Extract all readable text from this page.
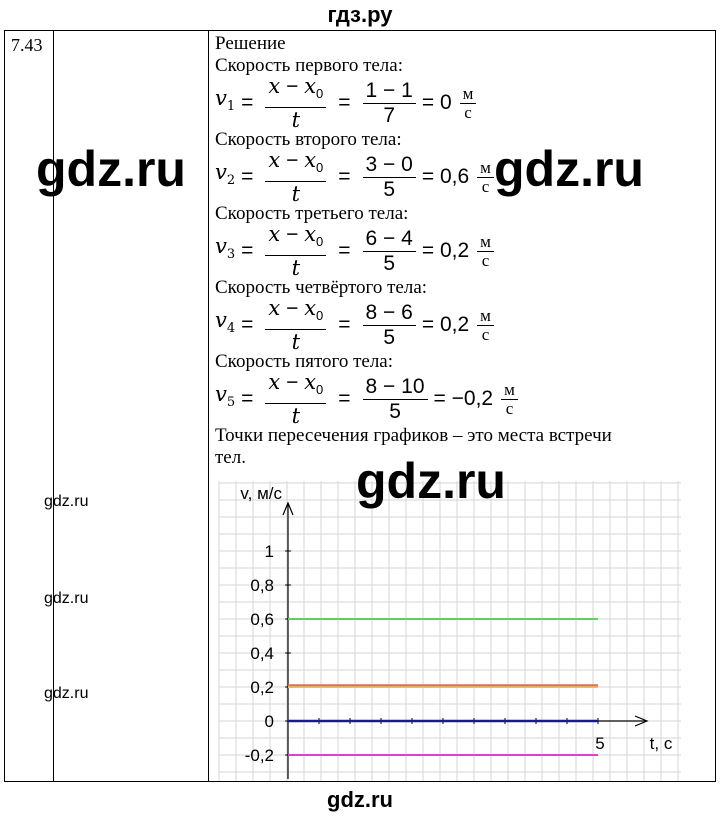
гдз.ру
7.43	Решение
Скорость первого тела:
$v_1 = \frac{x - x_0}{t} = \frac{1 - 1}{7} = 0$ м
с
Скорость второго тела:
$v_2 = \frac{x - x_0}{t} = \frac{3 - 0}{5} = 0,6$ м
с
Скорость третьего тела:
$v_3 = \frac{x - x_0}{t} = \frac{6 - 4}{5} = 0,2$ м
с
Скорость четвёртого тела:
$v_4 = \frac{x - x_0}{t} = \frac{8 - 6}{5} = 0,2$ м
с
Скорость пятого тела:
$v_5 = \frac{x - x_0}{t} = \frac{8 - 10}{5} = -0,2$ м
с
Точки пересечения графиков – это места встречи
тел.
1
0,8
0,6
0,4
0,2
0
-0,2
5	t, с
v, м/с
gdz.ru	gdz.ru
gdz.ru
gdz.ru
gdz.ru
gdz.ru
gdz.ru
